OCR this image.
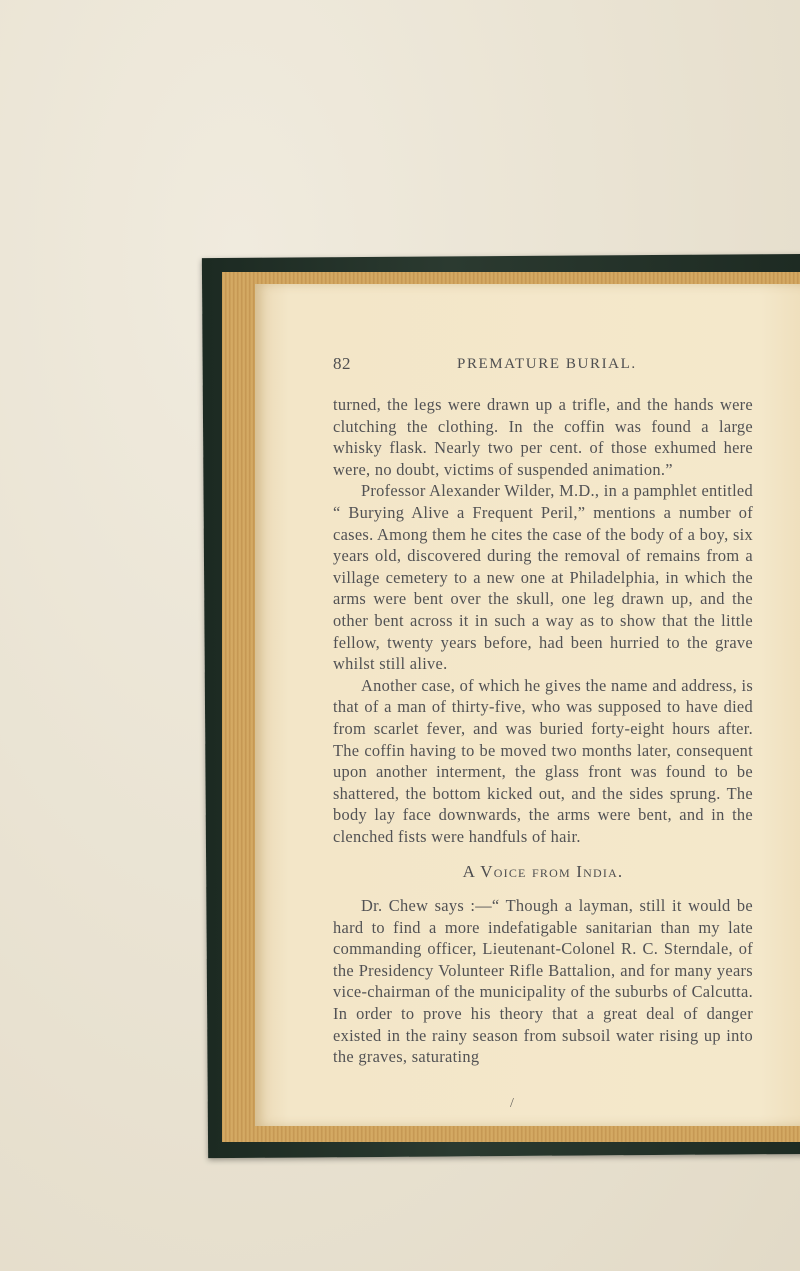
82	PREMATURE BURIAL.

turned, the legs were drawn up a trifle, and the hands were clutching the clothing. In the coffin was found a large whisky flask. Nearly two per cent. of those exhumed here were, no doubt, victims of suspended animation.”

Professor Alexander Wilder, M.D., in a pamphlet entitled “ Burying Alive a Frequent Peril,” mentions a number of cases. Among them he cites the case of the body of a boy, six years old, discovered during the removal of remains from a village cemetery to a new one at Philadelphia, in which the arms were bent over the skull, one leg drawn up, and the other bent across it in such a way as to show that the little fellow, twenty years before, had been hurried to the grave whilst still alive.

Another case, of which he gives the name and address, is that of a man of thirty-five, who was supposed to have died from scarlet fever, and was buried forty-eight hours after. The coffin having to be moved two months later, consequent upon another interment, the glass front was found to be shattered, the bottom kicked out, and the sides sprung. The body lay face downwards, the arms were bent, and in the clenched fists were handfuls of hair.

A Voice from India.

Dr. Chew says :—“ Though a layman, still it would be hard to find a more indefatigable sanitarian than my late commanding officer, Lieutenant-Colonel R. C. Sterndale, of the Presidency Volunteer Rifle Battalion, and for many years vice-chairman of the municipality of the suburbs of Calcutta. In order to prove his theory that a great deal of danger existed in the rainy season from subsoil water rising up into the graves, saturating

/
